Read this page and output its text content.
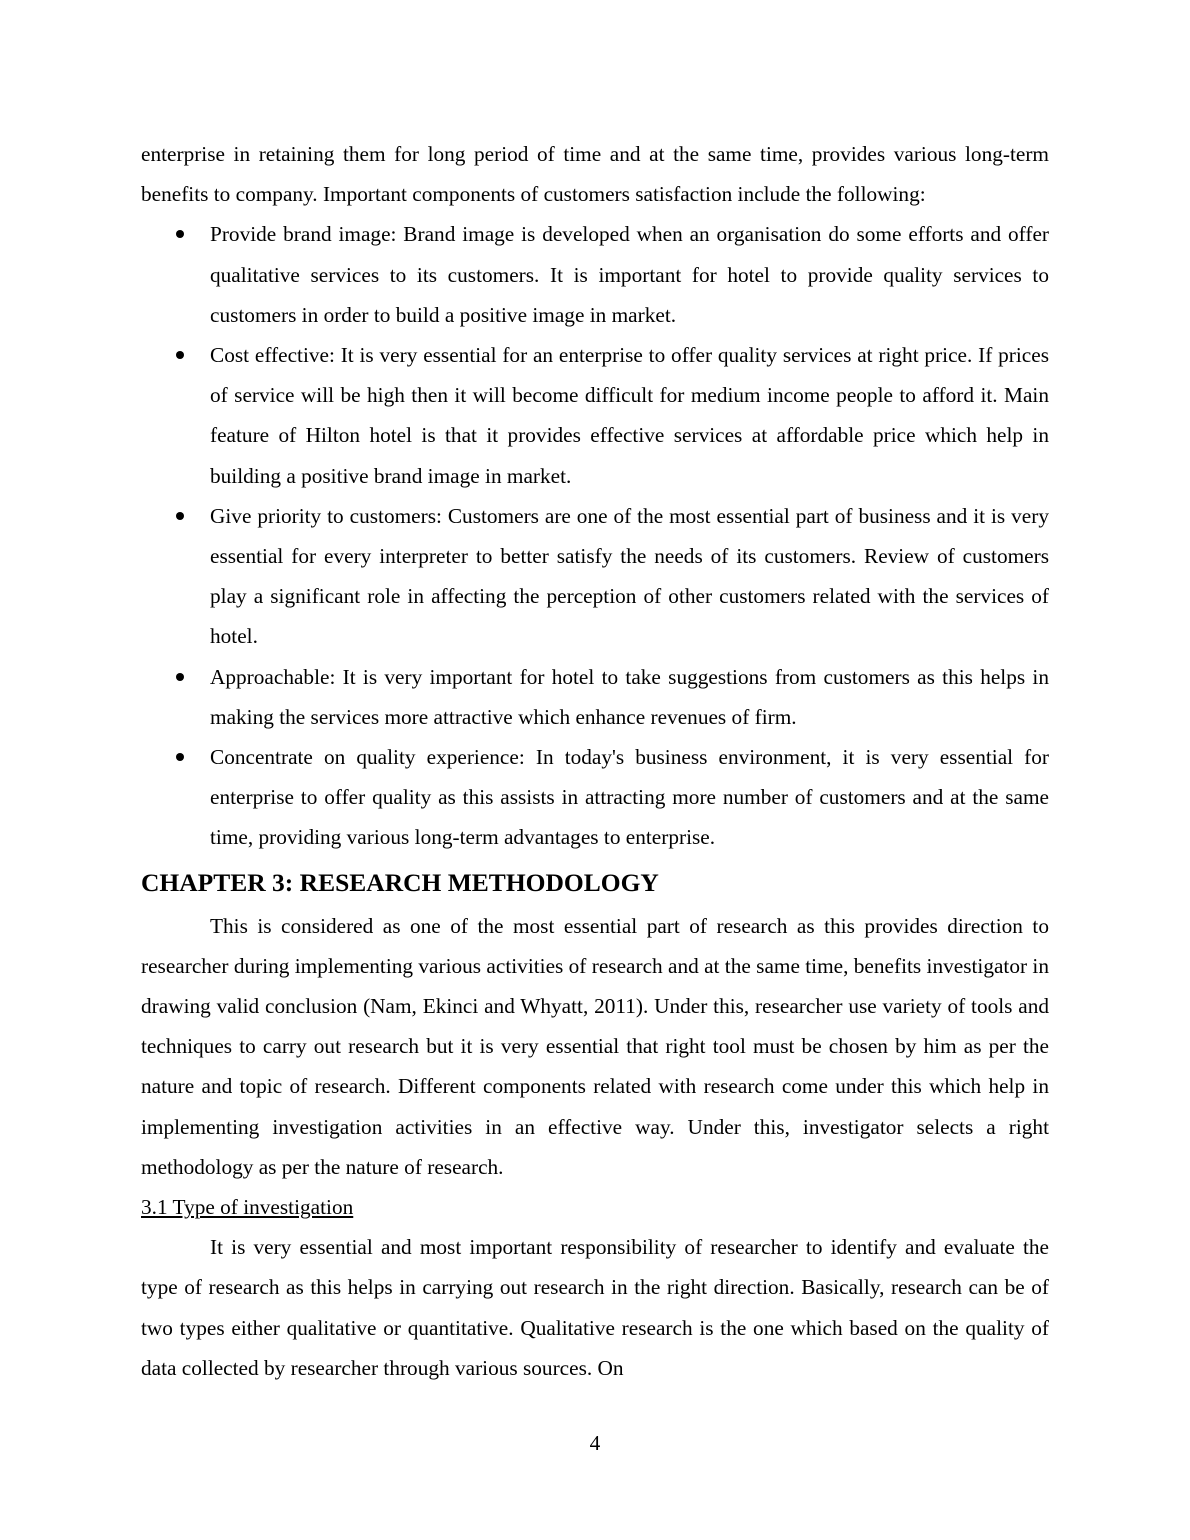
enterprise in retaining them for long period of time and at the same time, provides various long-term benefits to company. Important components of customers satisfaction include the following:

Provide brand image: Brand image is developed when an organisation do some efforts and offer qualitative services to its customers. It is important for hotel to provide quality services to customers in order to build a positive image in market.
Cost effective: It is very essential for an enterprise to offer quality services at right price. If prices of service will be high then it will become difficult for medium income people to afford it. Main feature of Hilton hotel is that it provides effective services at affordable price which help in building a positive brand image in market.
Give priority to customers: Customers are one of the most essential part of business and it is very essential for every interpreter to better satisfy the needs of its customers. Review of customers play a significant role in affecting the perception of other customers related with the services of hotel.
Approachable: It is very important for hotel to take suggestions from customers as this helps in making the services more attractive which enhance revenues of firm.
Concentrate on quality experience: In today's business environment, it is very essential for enterprise to offer quality as this assists in attracting more number of customers and at the same time, providing various long-term advantages to enterprise.
CHAPTER 3: RESEARCH METHODOLOGY

This is considered as one of the most essential part of research as this provides direction to researcher during implementing various activities of research and at the same time, benefits investigator in drawing valid conclusion (Nam, Ekinci and Whyatt, 2011). Under this, researcher use variety of tools and techniques to carry out research but it is very essential that right tool must be chosen by him as per the nature and topic of research. Different components related with research come under this which help in implementing investigation activities in an effective way. Under this, investigator selects a right methodology as per the nature of research.

3.1 Type of investigation

It is very essential and most important responsibility of researcher to identify and evaluate the type of research as this helps in carrying out research in the right direction. Basically, research can be of two types either qualitative or quantitative. Qualitative research is the one which based on the quality of data collected by researcher through various sources. On

4
